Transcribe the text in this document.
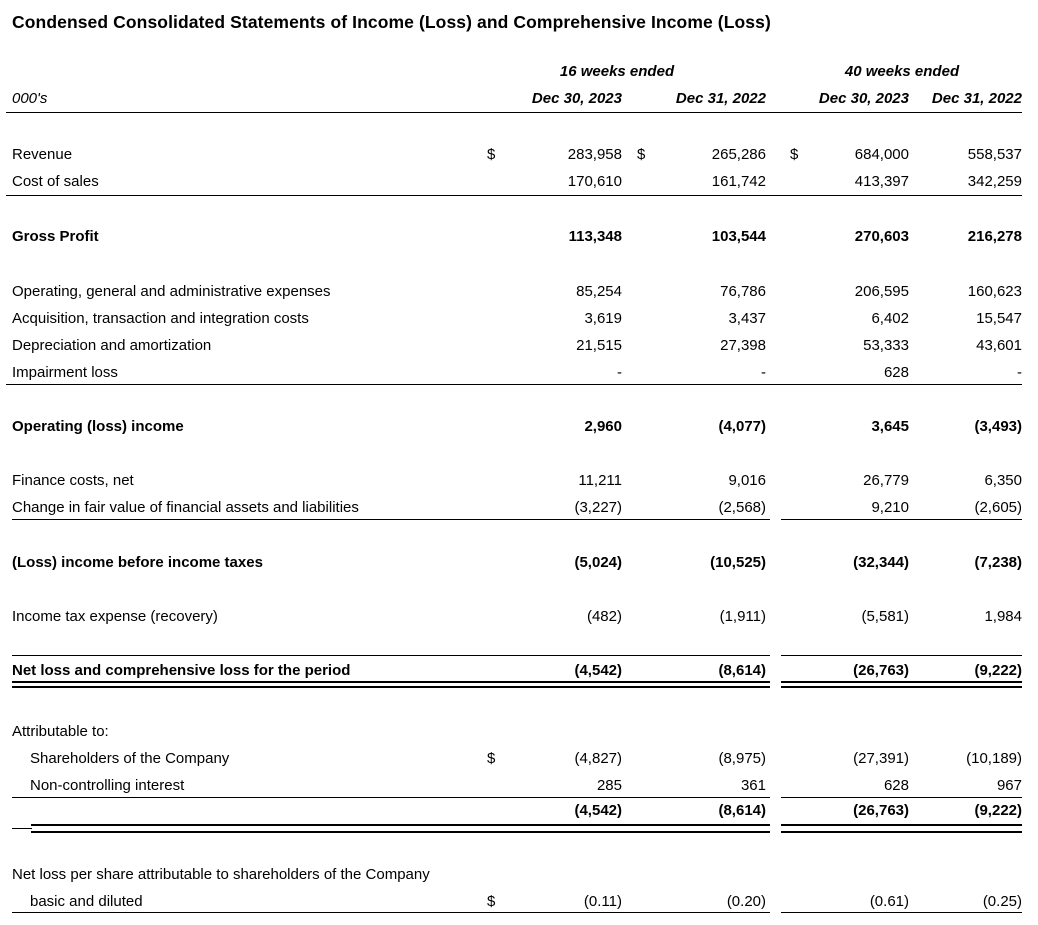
Condensed Consolidated Statements of Income (Loss) and Comprehensive Income (Loss)
16 weeks ended	40 weeks ended
000's	Dec 30, 2023	Dec 31, 2022	Dec 30, 2023	Dec 31, 2022
Revenue	$	283,958	$	265,286	$	684,000	558,537
Cost of sales	170,610	161,742	413,397	342,259
Gross Profit	113,348	103,544	270,603	216,278
Operating, general and administrative expenses	85,254	76,786	206,595	160,623
Acquisition, transaction and integration costs	3,619	3,437	6,402	15,547
Depreciation and amortization	21,515	27,398	53,333	43,601
Impairment loss	-	-	628	-
Operating (loss) income	2,960	(4,077)	3,645	(3,493)
Finance costs, net	11,211	9,016	26,779	6,350
Change in fair value of financial assets and liabilities	(3,227)	(2,568)	9,210	(2,605)
(Loss) income before income taxes	(5,024)	(10,525)	(32,344)	(7,238)
Income tax expense (recovery)	(482)	(1,911)	(5,581)	1,984
Net loss and comprehensive loss for the period	(4,542)	(8,614)	(26,763)	(9,222)
Attributable to:
Shareholders of the Company	$	(4,827)	(8,975)	(27,391)	(10,189)
Non-controlling interest	285	361	628	967
(4,542)	(8,614)	(26,763)	(9,222)
Net loss per share attributable to shareholders of the Company
basic and diluted	$	(0.11)	(0.20)	(0.61)	(0.25)
